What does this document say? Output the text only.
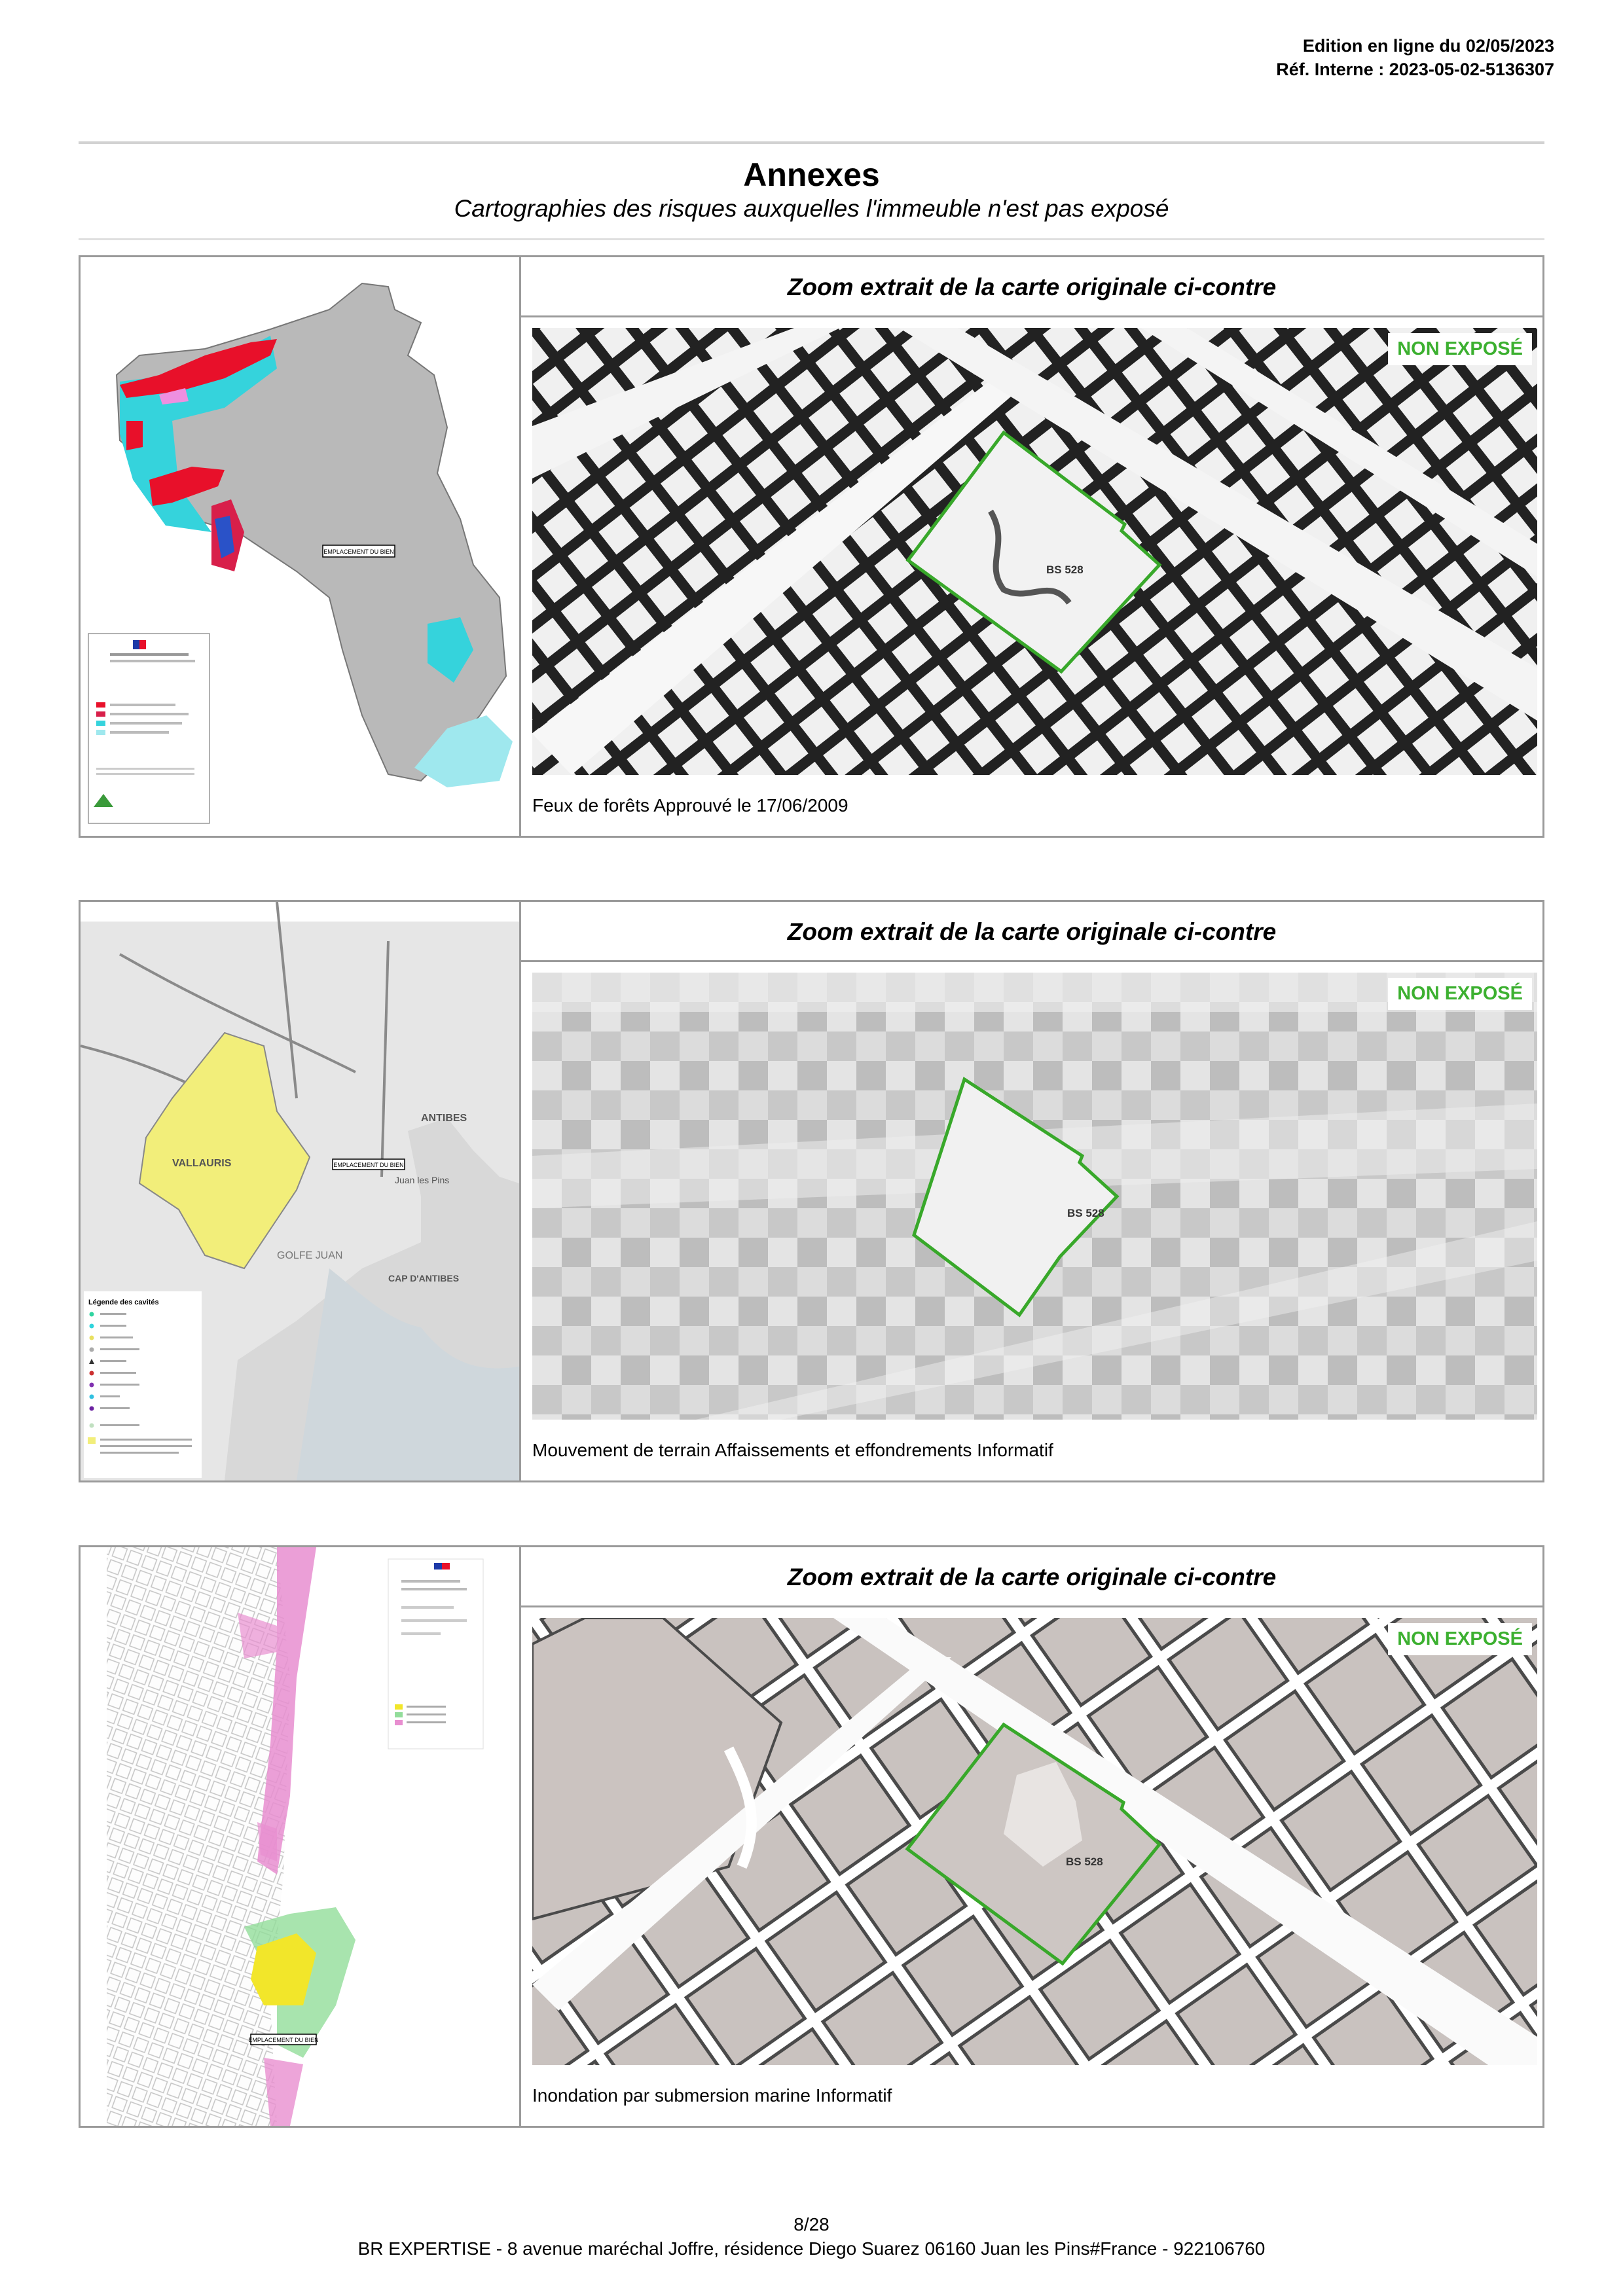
Edition en ligne du 02/05/2023
Réf. Interne : 2023-05-02-5136307
Annexes
Cartographies des risques auxquelles l'immeuble n'est pas exposé
EMPLACEMENT DU BIEN
Zoom extrait de la carte originale ci-contre
BS 528
NON EXPOSÉ
Feux de forêts Approuvé le 17/06/2009
EMPLACEMENT DU BIEN
VALLAURIS
ANTIBES
GOLFE JUAN
CAP D'ANTIBES
Juan les Pins
Légende des cavités
Zoom extrait de la carte originale ci-contre
BS 528
NON EXPOSÉ
Mouvement de terrain Affaissements et effondrements Informatif
EMPLACEMENT DU BIEN
Zoom extrait de la carte originale ci-contre
BS 528
NON EXPOSÉ
Inondation par submersion marine Informatif
8/28
BR EXPERTISE - 8 avenue maréchal Joffre, résidence Diego Suarez 06160 Juan les Pins#France - 922106760
